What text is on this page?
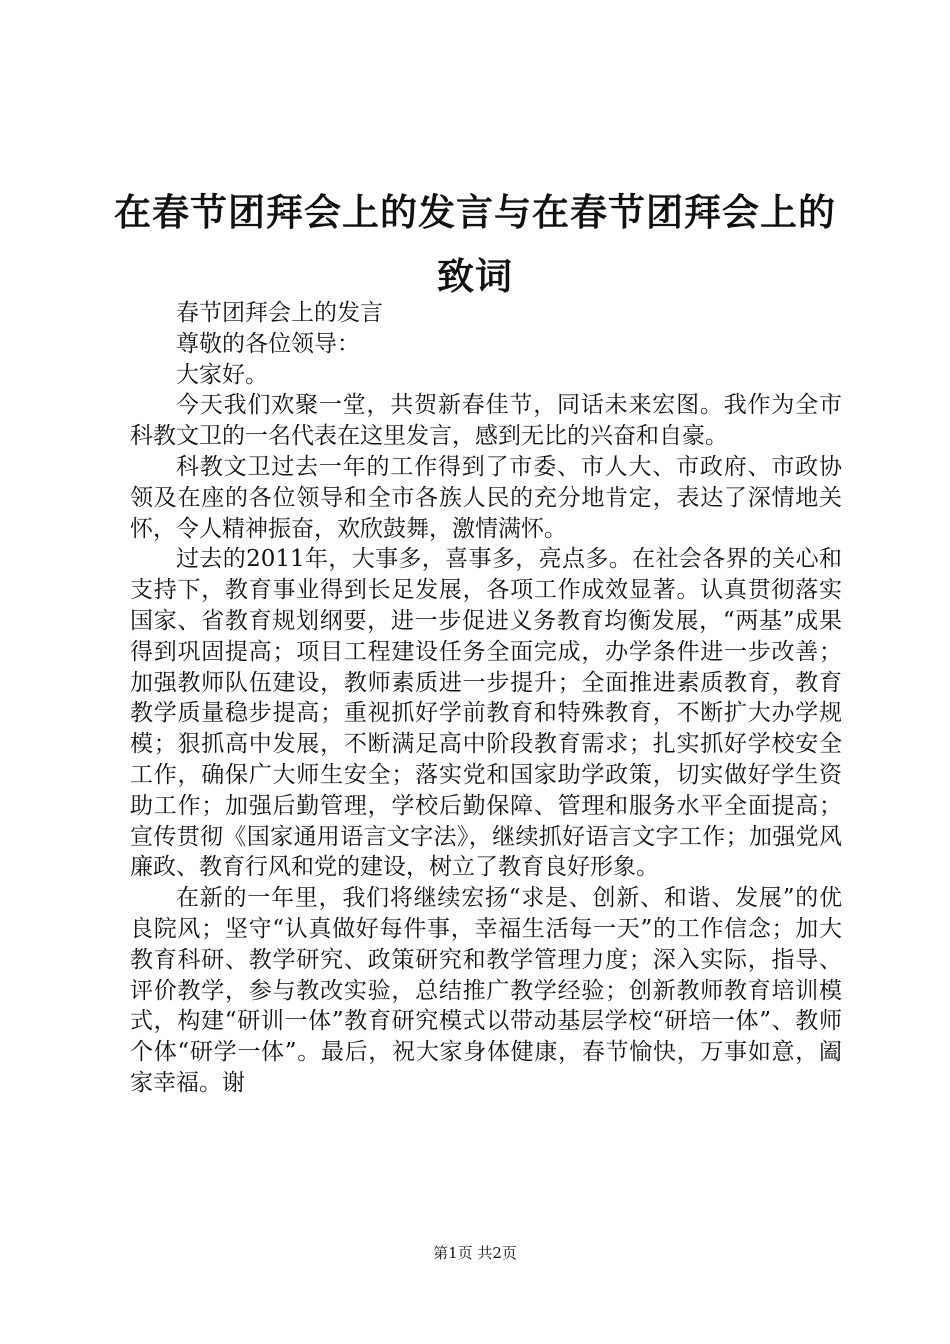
在春节团拜会上的发言与在春节团拜会上的致词

春节团拜会上的发言

尊敬的各位领导：

大家好。

今天我们欢聚一堂，共贺新春佳节，同话未来宏图。我作为全市科教文卫的一名代表在这里发言，感到无比的兴奋和自豪。

科教文卫过去一年的工作得到了市委、市人大、市政府、市政协领及在座的各位领导和全市各族人民的充分地肯定，表达了深情地关怀，令人精神振奋，欢欣鼓舞，激情满怀。

过去的2011年，大事多，喜事多，亮点多。在社会各界的关心和支持下，教育事业得到长足发展，各项工作成效显著。认真贯彻落实国家、省教育规划纲要，进一步促进义务教育均衡发展，“两基”成果得到巩固提高；项目工程建设任务全面完成，办学条件进一步改善；加强教师队伍建设，教师素质进一步提升；全面推进素质教育，教育教学质量稳步提高；重视抓好学前教育和特殊教育，不断扩大办学规模；狠抓高中发展，不断满足高中阶段教育需求；扎实抓好学校安全工作，确保广大师生安全；落实党和国家助学政策，切实做好学生资助工作；加强后勤管理，学校后勤保障、管理和服务水平全面提高；宣传贯彻《国家通用语言文字法》，继续抓好语言文字工作；加强党风廉政、教育行风和党的建设，树立了教育良好形象。

在新的一年里，我们将继续宏扬“求是、创新、和谐、发展”的优良院风；坚守“认真做好每件事，幸福生活每一天”的工作信念；加大教育科研、教学研究、政策研究和教学管理力度；深入实际，指导、评价教学，参与教改实验，总结推广教学经验；创新教师教育培训模式，构建“研训一体”教育研究模式以带动基层学校“研培一体”、教师个体“研学一体”。最后，祝大家身体健康，春节愉快，万事如意，阖家幸福。谢

第1页 共2页
